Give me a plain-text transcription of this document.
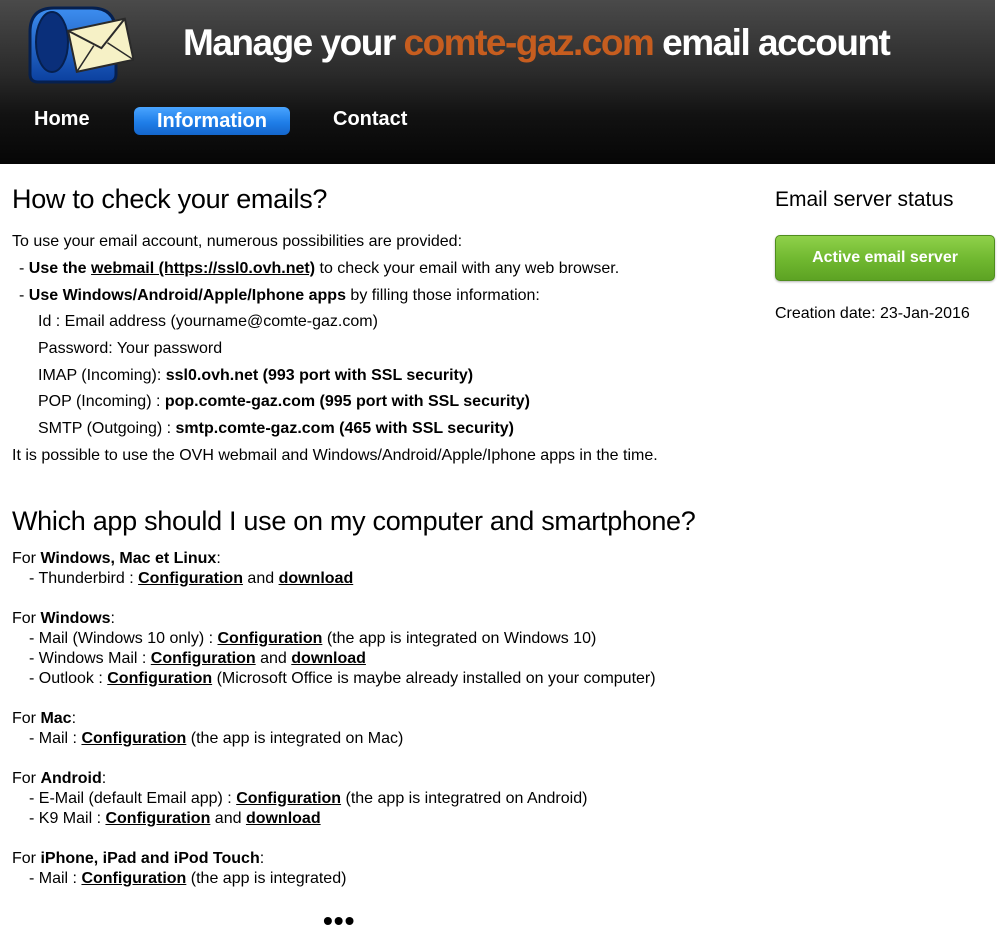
Manage your comte-gaz.com email account
Home	Information	Contact
How to check your emails?
To use your email account, numerous possibilities are provided:
- Use the webmail (https://ssl0.ovh.net) to check your email with any web browser.
- Use Windows/Android/Apple/Iphone apps by filling those information:
Id : Email address (yourname@comte-gaz.com)
Password: Your password
IMAP (Incoming): ssl0.ovh.net (993 port with SSL security)
POP (Incoming) : pop.comte-gaz.com (995 port with SSL security)
SMTP (Outgoing) : smtp.comte-gaz.com (465 with SSL security)
It is possible to use the OVH webmail and Windows/Android/Apple/Iphone apps in the time.
Which app should I use on my computer and smartphone?
For Windows, Mac et Linux:
- Thunderbird : Configuration and download
For Windows:
- Mail (Windows 10 only) : Configuration (the app is integrated on Windows 10)
- Windows Mail : Configuration and download
- Outlook : Configuration (Microsoft Office is maybe already installed on your computer)
For Mac:
- Mail : Configuration (the app is integrated on Mac)
For Android:
- E-Mail (default Email app) : Configuration (the app is integratred on Android)
- K9 Mail : Configuration and download
For iPhone, iPad and iPod Touch:
- Mail : Configuration (the app is integrated)
•••
Email server status
Active email server
Creation date: 23-Jan-2016
